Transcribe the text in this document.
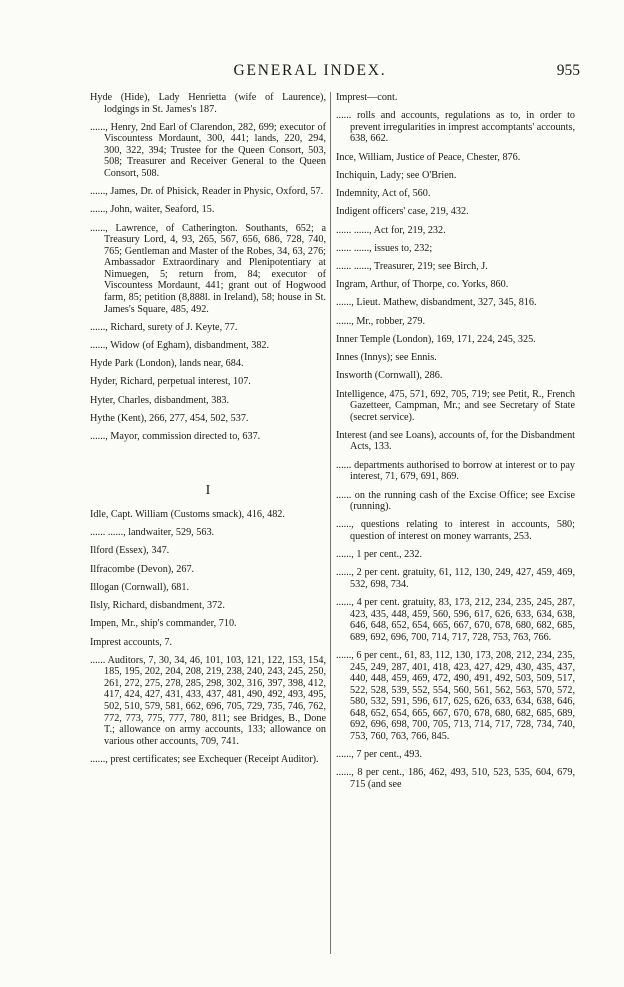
GENERAL INDEX.	955

Hyde (Hide), Lady Henrietta (wife of Laurence), lodgings in St. James's 187.

......, Henry, 2nd Earl of Clarendon, 282, 699; executor of Viscountess Mordaunt, 300, 441; lands, 220, 294, 300, 322, 394; Trustee for the Queen Consort, 503, 508; Treasurer and Receiver General to the Queen Consort, 508.

......, James, Dr. of Phisick, Reader in Physic, Oxford, 57.

......, John, waiter, Seaford, 15.

......, Lawrence, of Catherington. Southants, 652; a Treasury Lord, 4, 93, 265, 567, 656, 686, 728, 740, 765; Gentleman and Master of the Robes, 34, 63, 276; Ambassador Extraordinary and Plenipotentiary at Nimuegen, 5; return from, 84; executor of Viscountess Mordaunt, 441; grant out of Hogwood farm, 85; petition (8,888l. in Ireland), 58; house in St. James's Square, 485, 492.

......, Richard, surety of J. Keyte, 77.

......, Widow (of Egham), disbandment, 382.

Hyde Park (London), lands near, 684.

Hyder, Richard, perpetual interest, 107.

Hyter, Charles, disbandment, 383.

Hythe (Kent), 266, 277, 454, 502, 537.

......, Mayor, commission directed to, 637.

I

Idle, Capt. William (Customs smack), 416, 482.

...... ......, landwaiter, 529, 563.

Ilford (Essex), 347.

Ilfracombe (Devon), 267.

Illogan (Cornwall), 681.

Ilsly, Richard, disbandment, 372.

Impen, Mr., ship's commander, 710.

Imprest accounts, 7.

...... Auditors, 7, 30, 34, 46, 101, 103, 121, 122, 153, 154, 185, 195, 202, 204, 208, 219, 238, 240, 243, 245, 250, 261, 272, 275, 278, 285, 298, 302, 316, 397, 398, 412, 417, 424, 427, 431, 433, 437, 481, 490, 492, 493, 495, 502, 510, 579, 581, 662, 696, 705, 729, 735, 746, 762, 772, 773, 775, 777, 780, 811; see Bridges, B., Done T.; allowance on army accounts, 133; allowance on various other accounts, 709, 741.

......, prest certificates; see Exchequer (Receipt Auditor).

Imprest—cont.

...... rolls and accounts, regulations as to, in order to prevent irregularities in imprest accomptants' accounts, 638, 662.

Ince, William, Justice of Peace, Chester, 876.

Inchiquin, Lady; see O'Brien.

Indemnity, Act of, 560.

Indigent officers' case, 219, 432.

...... ......, Act for, 219, 232.

...... ......, issues to, 232;

...... ......, Treasurer, 219; see Birch, J.

Ingram, Arthur, of Thorpe, co. Yorks, 860.

......, Lieut. Mathew, disbandment, 327, 345, 816.

......, Mr., robber, 279.

Inner Temple (London), 169, 171, 224, 245, 325.

Innes (Innys); see Ennis.

Insworth (Cornwall), 286.

Intelligence, 475, 571, 692, 705, 719; see Petit, R., French Gazetteer, Campman, Mr.; and see Secretary of State (secret service).

Interest (and see Loans), accounts of, for the Disbandment Acts, 133.

...... departments authorised to borrow at interest or to pay interest, 71, 679, 691, 869.

...... on the running cash of the Excise Office; see Excise (running).

......, questions relating to interest in accounts, 580; question of interest on money warrants, 253.

......, 1 per cent., 232.

......, 2 per cent. gratuity, 61, 112, 130, 249, 427, 459, 469, 532, 698, 734.

......, 4 per cent. gratuity, 83, 173, 212, 234, 235, 245, 287, 423, 435, 448, 459, 560, 596, 617, 626, 633, 634, 638, 646, 648, 652, 654, 665, 667, 670, 678, 680, 682, 685, 689, 692, 696, 700, 714, 717, 728, 753, 763, 766.

......, 6 per cent., 61, 83, 112, 130, 173, 208, 212, 234, 235, 245, 249, 287, 401, 418, 423, 427, 429, 430, 435, 437, 440, 448, 459, 469, 472, 490, 491, 492, 503, 509, 517, 522, 528, 539, 552, 554, 560, 561, 562, 563, 570, 572, 580, 532, 591, 596, 617, 625, 626, 633, 634, 638, 646, 648, 652, 654, 665, 667, 670, 678, 680, 682, 685, 689, 692, 696, 698, 700, 705, 713, 714, 717, 728, 734, 740, 753, 760, 763, 766, 845.

......, 7 per cent., 493.

......, 8 per cent., 186, 462, 493, 510, 523, 535, 604, 679, 715 (and see
